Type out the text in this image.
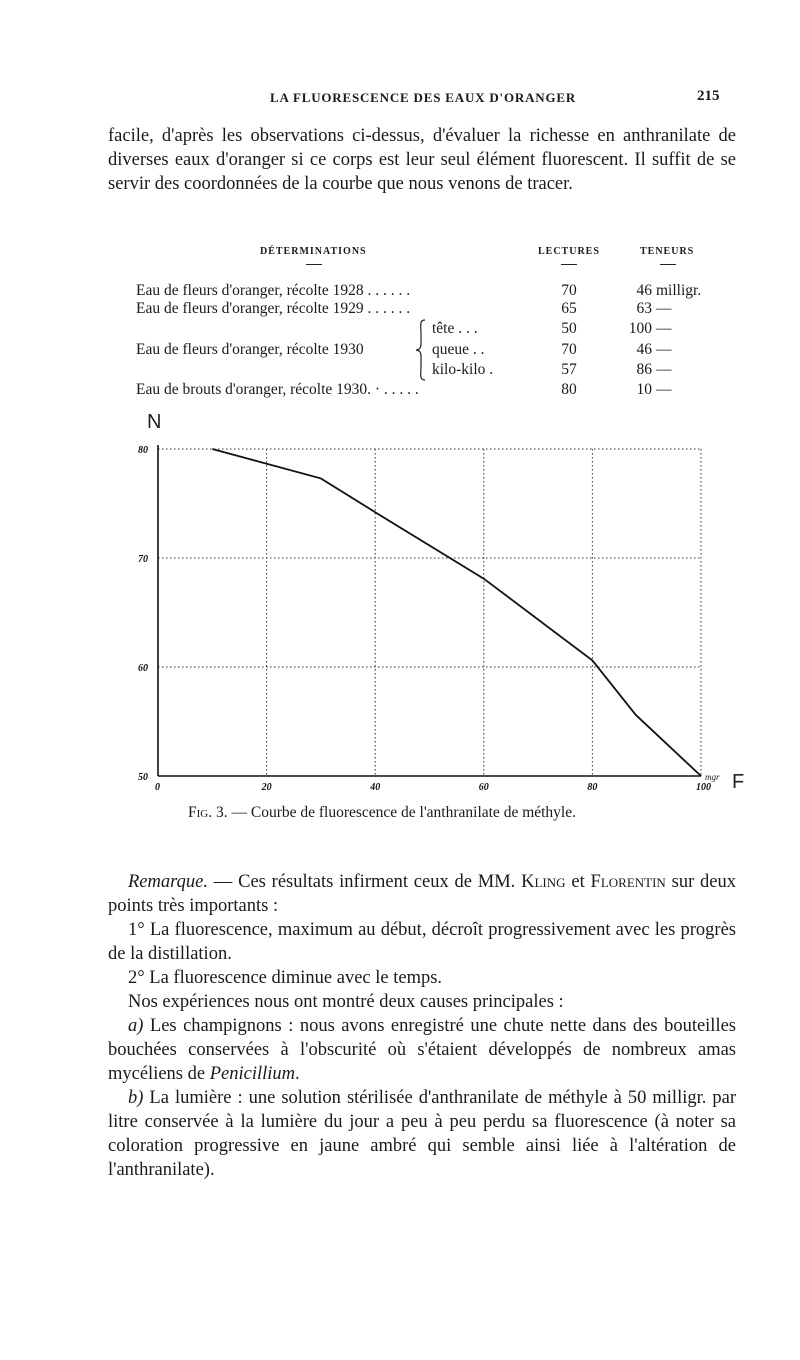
LA FLUORESCENCE DES EAUX D'ORANGER	215

facile, d'après les observations ci-dessus, d'évaluer la richesse en anthranilate de diverses eaux d'oranger si ce corps est leur seul élément fluorescent. Il suffit de se servir des coordonnées de la courbe que nous venons de tracer.

DÉTERMINATIONS	LECTURES	TENEURS
Eau de fleurs d'oranger, récolte 1928 . . . . . .	70	46 milligr.
Eau de fleurs d'oranger, récolte 1929 . . . . . .	65	63 —
tête . . .	50	100 —
Eau de fleurs d'oranger, récolte 1930	queue . .	70	46 —
kilo-kilo .	57	86 —
Eau de brouts d'oranger, récolte 1930. · . . . . .	80	10 —
0	20	40	60	80	100
80
70
60
50
N
F
mgr
Fig. 3. — Courbe de fluorescence de l'anthranilate de méthyle.

Remarque. — Ces résultats infirment ceux de MM. Kling et Florentin sur deux points très importants :

1° La fluorescence, maximum au début, décroît progressivement avec les progrès de la distillation.

2° La fluorescence diminue avec le temps.

Nos expériences nous ont montré deux causes principales :

a) Les champignons : nous avons enregistré une chute nette dans des bouteilles bouchées conservées à l'obscurité où s'étaient développés de nombreux amas mycéliens de Penicillium.

b) La lumière : une solution stérilisée d'anthranilate de méthyle à 50 milligr. par litre conservée à la lumière du jour a peu à peu perdu sa fluorescence (à noter sa coloration progressive en jaune ambré qui semble ainsi liée à l'altération de l'anthranilate).
